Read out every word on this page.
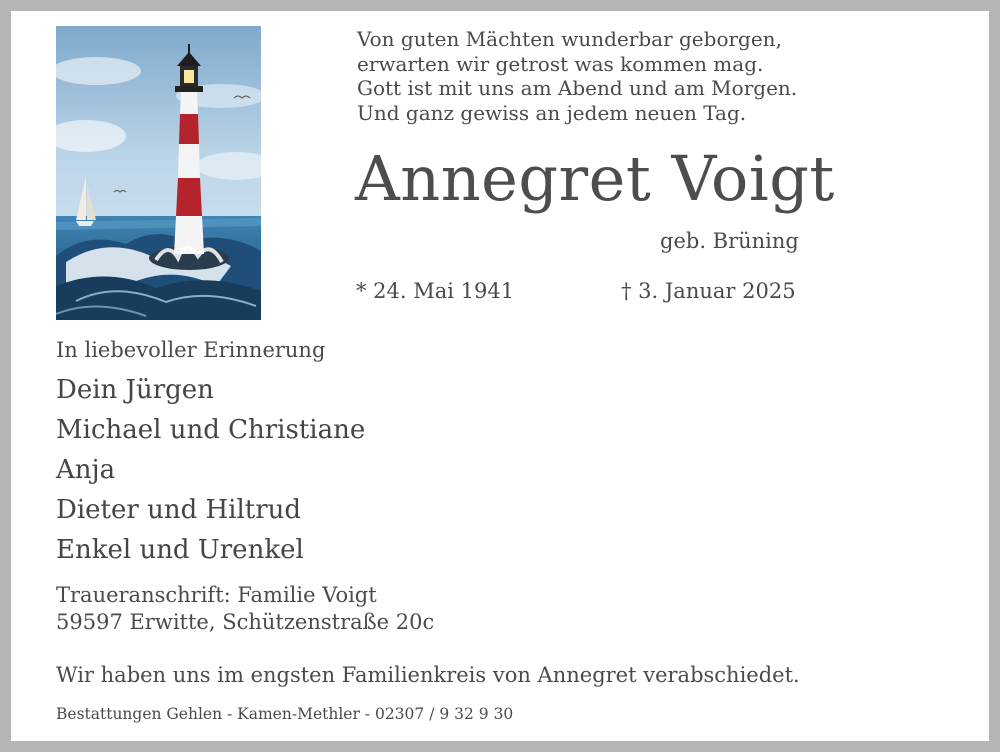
Von guten Mächten wunderbar geborgen,
erwarten wir getrost was kommen mag.
Gott ist mit uns am Abend und am Morgen.
Und ganz gewiss an jedem neuen Tag.
Annegret Voigt
geb. Brüning
* 24. Mai 1941	† 3. Januar 2025
In liebevoller Erinnerung
Dein Jürgen
Michael und Christiane
Anja
Dieter und Hiltrud
Enkel und Urenkel
Traueranschrift: Familie Voigt
59597 Erwitte, Schützenstraße 20c
Wir haben uns im engsten Familienkreis von Annegret verabschiedet.
Bestattungen Gehlen - Kamen-Methler - 02307 / 9 32 9 30
